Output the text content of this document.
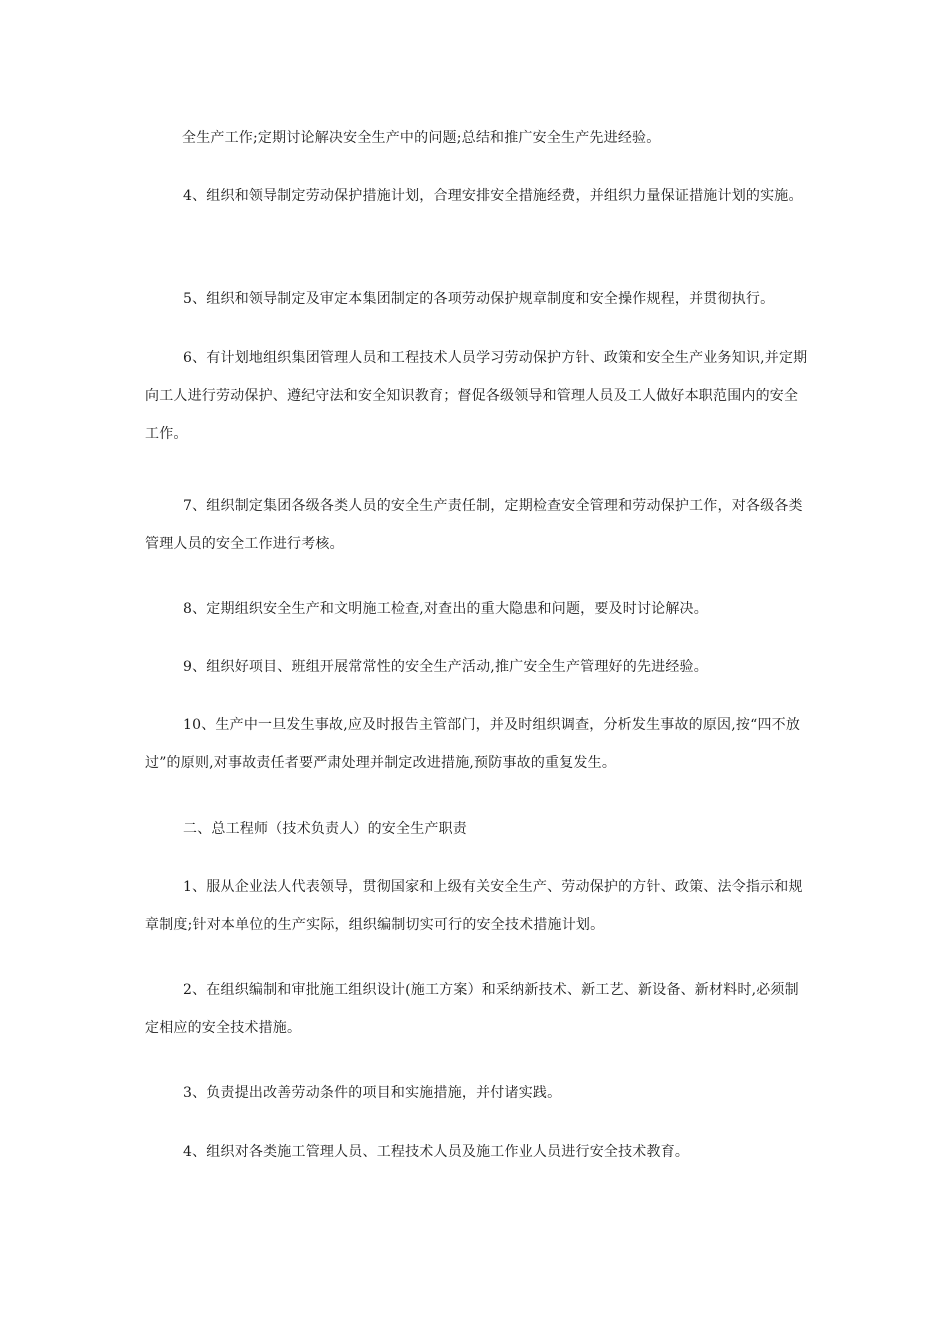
全生产工作;定期讨论解决安全生产中的问题;总结和推广安全生产先进经验。

4、组织和领导制定劳动保护措施计划，合理安排安全措施经费，并组织力量保证措施计划的实施。

5、组织和领导制定及审定本集团制定的各项劳动保护规章制度和安全操作规程，并贯彻执行。

6、有计划地组织集团管理人员和工程技术人员学习劳动保护方针、政策和安全生产业务知识,并定期向工人进行劳动保护、遵纪守法和安全知识教育；督促各级领导和管理人员及工人做好本职范围内的安全工作。

7、组织制定集团各级各类人员的安全生产责任制，定期检查安全管理和劳动保护工作，对各级各类管理人员的安全工作进行考核。

8、定期组织安全生产和文明施工检查,对查出的重大隐患和问题，要及时讨论解决。

9、组织好项目、班组开展常常性的安全生产活动,推广安全生产管理好的先进经验。

10、生产中一旦发生事故,应及时报告主管部门，并及时组织调查，分析发生事故的原因,按“四不放过”的原则,对事故责任者要严肃处理并制定改进措施,预防事故的重复发生。

二、总工程师（技术负责人）的安全生产职责

1、服从企业法人代表领导，贯彻国家和上级有关安全生产、劳动保护的方针、政策、法令指示和规章制度;针对本单位的生产实际，组织编制切实可行的安全技术措施计划。

2、在组织编制和审批施工组织设计(施工方案）和采纳新技术、新工艺、新设备、新材料时,必须制定相应的安全技术措施。

3、负责提出改善劳动条件的项目和实施措施，并付诸实践。

4、组织对各类施工管理人员、工程技术人员及施工作业人员进行安全技术教育。
